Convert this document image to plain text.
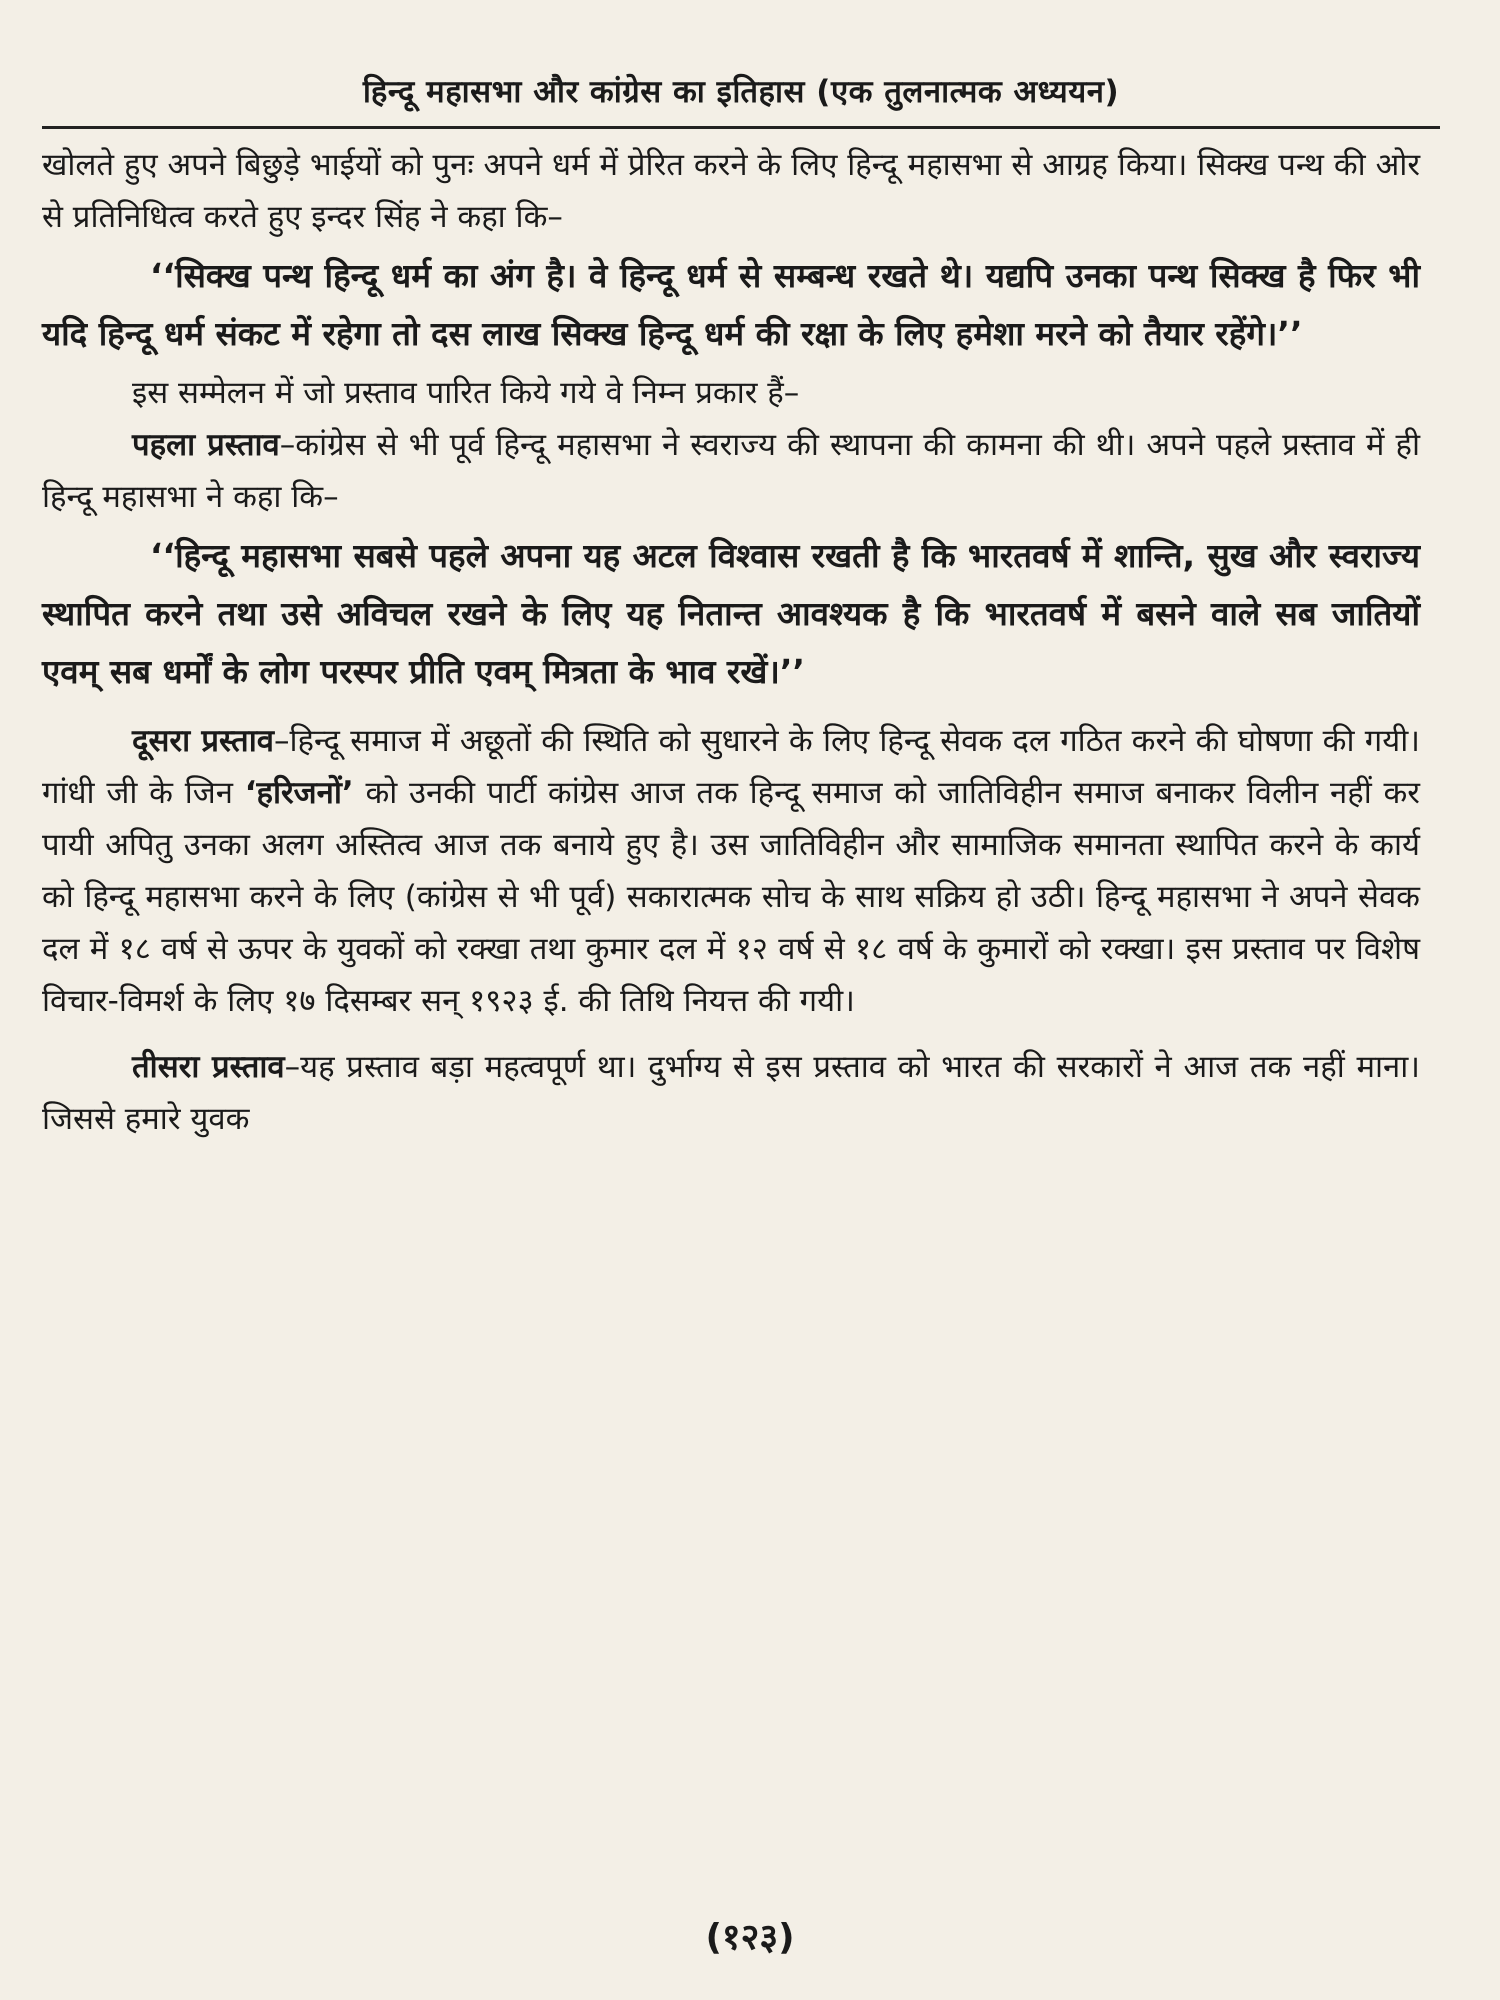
हिन्दू महासभा और कांग्रेस का इतिहास (एक तुलनात्मक अध्ययन)

खोलते हुए अपने बिछुड़े भाईयों को पुनः अपने धर्म में प्रेरित करने के लिए हिन्दू महासभा से आग्रह किया। सिक्ख पन्थ की ओर से प्रतिनिधित्व करते हुए इन्दर सिंह ने कहा कि–

‘‘सिक्ख पन्थ हिन्दू धर्म का अंग है। वे हिन्दू धर्म से सम्बन्ध रखते थे। यद्यपि उनका पन्थ सिक्ख है फिर भी यदि हिन्दू धर्म संकट में रहेगा तो दस लाख सिक्ख हिन्दू धर्म की रक्षा के लिए हमेशा मरने को तैयार रहेंगे।’’

इस सम्मेलन में जो प्रस्ताव पारित किये गये वे निम्न प्रकार हैं–

पहला प्रस्ताव–कांग्रेस से भी पूर्व हिन्दू महासभा ने स्वराज्य की स्थापना की कामना की थी। अपने पहले प्रस्ताव में ही हिन्दू महासभा ने कहा कि–

‘‘हिन्दू महासभा सबसे पहले अपना यह अटल विश्वास रखती है कि भारतवर्ष में शान्ति, सुख और स्वराज्य स्थापित करने तथा उसे अविचल रखने के लिए यह नितान्त आवश्यक है कि भारतवर्ष में बसने वाले सब जातियों एवम् सब धर्मों के लोग परस्पर प्रीति एवम् मित्रता के भाव रखें।’’

दूसरा प्रस्ताव–हिन्दू समाज में अछूतों की स्थिति को सुधारने के लिए हिन्दू सेवक दल गठित करने की घोषणा की गयी। गांधी जी के जिन ‘हरिजनों’ को उनकी पार्टी कांग्रेस आज तक हिन्दू समाज को जातिविहीन समाज बनाकर विलीन नहीं कर पायी अपितु उनका अलग अस्तित्व आज तक बनाये हुए है। उस जातिविहीन और सामाजिक समानता स्थापित करने के कार्य को हिन्दू महासभा करने के लिए (कांग्रेस से भी पूर्व) सकारात्मक सोच के साथ सक्रिय हो उठी। हिन्दू महासभा ने अपने सेवक दल में १८ वर्ष से ऊपर के युवकों को रक्खा तथा कुमार दल में १२ वर्ष से १८ वर्ष के कुमारों को रक्खा। इस प्रस्ताव पर विशेष विचार-विमर्श के लिए १७ दिसम्बर सन् १९२३ ई. की तिथि नियत्त की गयी।

तीसरा प्रस्ताव–यह प्रस्ताव बड़ा महत्वपूर्ण था। दुर्भाग्य से इस प्रस्ताव को भारत की सरकारों ने आज तक नहीं माना। जिससे हमारे युवक

(१२३)
